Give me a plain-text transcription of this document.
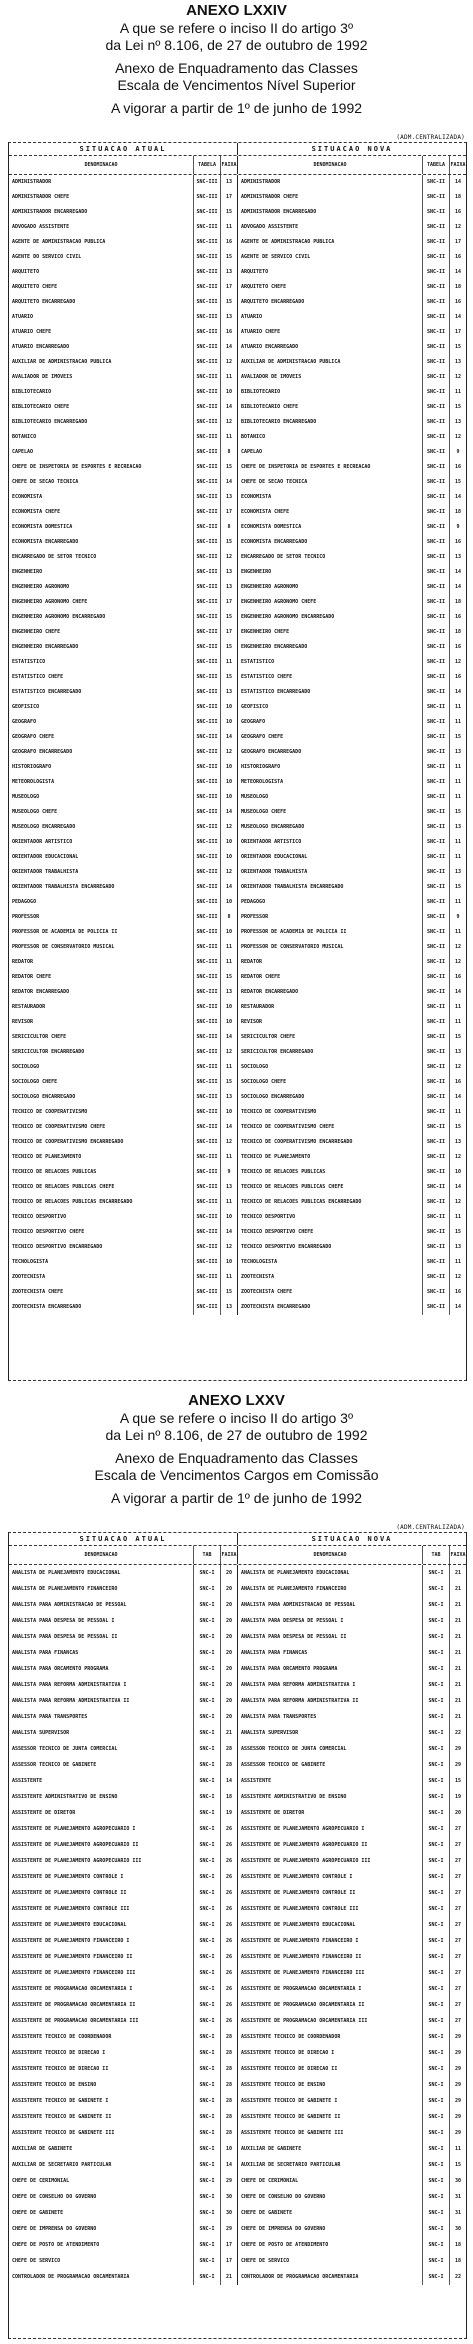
ANEXO LXXIV
A que se refere o inciso II do artigo 3º
da Lei nº 8.106, de 27 de outubro de 1992
Anexo de Enquadramento das Classes
Escala de Vencimentos Nível Superior
A vigorar a partir de 1º de junho de 1992
(ADM.CENTRALIZADA)
SITUACAO ATUAL	SITUACAO NOVA
DENOMINACAO	TABELA	FAIXA	DENOMINACAO	TABELA	FAIXA
ADMINISTRADOR	SNC-III	13	ADMINISTRADOR	SNC-II	14
ADMINISTRADOR CHEFE	SNC-III	17	ADMINISTRADOR CHEFE	SNC-II	18
ADMINISTRADOR ENCARREGADO	SNC-III	15	ADMINISTRADOR ENCARREGADO	SNC-II	16
ADVOGADO ASSISTENTE	SNC-III	11	ADVOGADO ASSISTENTE	SNC-II	12
AGENTE DE ADMINISTRACAO PUBLICA	SNC-III	16	AGENTE DE ADMINISTRACAO PUBLICA	SNC-II	17
AGENTE DO SERVICO CIVIL	SNC-III	15	AGENTE DE SERVICO CIVIL	SNC-II	16
ARQUITETO	SNC-III	13	ARQUITETO	SNC-II	14
ARQUITETO CHEFE	SNC-III	17	ARQUITETO CHEFE	SNC-II	18
ARQUITETO ENCARREGADO	SNC-III	15	ARQUITETO ENCARREGADO	SNC-II	16
ATUARIO	SNC-III	13	ATUARIO	SNC-II	14
ATUARIO CHEFE	SNC-III	16	ATUARIO CHEFE	SNC-II	17
ATUARIO ENCARREGADO	SNC-III	14	ATUARIO ENCARREGADO	SNC-II	15
AUXILIAR DE ADMINISTRACAO PUBLICA	SNC-III	12	AUXILIAR DE ADMINISTRACAO PUBLICA	SNC-II	13
AVALIADOR DE IMOVEIS	SNC-III	11	AVALIADOR DE IMOVEIS	SNC-II	12
BIBLIOTECARIO	SNC-III	10	BIBLIOTECARIO	SNC-II	11
BIBLIOTECARIO CHEFE	SNC-III	14	BIBLIOTECARIO CHEFE	SNC-II	15
BIBLIOTECARIO ENCARREGADO	SNC-III	12	BIBLIOTECARIO ENCARREGADO	SNC-II	13
BOTANICO	SNC-III	11	BOTANICO	SNC-II	12
CAPELAO	SNC-III	8	CAPELAO	SNC-II	9
CHEFE DE INSPETORIA DE ESPORTES E RECREACAO	SNC-III	15	CHEFE DE INSPETORIA DE ESPORTES E RECREACAO	SNC-II	16
CHEFE DE SECAO TECNICA	SNC-III	14	CHEFE DE SECAO TECNICA	SNC-II	15
ECONOMISTA	SNC-III	13	ECONOMISTA	SNC-II	14
ECONOMISTA CHEFE	SNC-III	17	ECONOMISTA CHEFE	SNC-II	18
ECONOMISTA DOMESTICA	SNC-III	8	ECONOMISTA DOMESTICA	SNC-II	9
ECONOMISTA ENCARREGADO	SNC-III	15	ECONOMISTA ENCARREGADO	SNC-II	16
ENCARREGADO DE SETOR TECNICO	SNC-III	12	ENCARREGADO DE SETOR TECNICO	SNC-II	13
ENGENHEIRO	SNC-III	13	ENGENHEIRO	SNC-II	14
ENGENHEIRO AGRONOMO	SNC-III	13	ENGENHEIRO AGRONOMO	SNC-II	14
ENGENHEIRO AGRONOMO CHEFE	SNC-III	17	ENGENHEIRO AGRONOMO CHEFE	SNC-II	18
ENGENHEIRO AGRONOMO ENCARREGADO	SNC-III	15	ENGENHEIRO AGRONOMO ENCARREGADO	SNC-II	16
ENGENHEIRO CHEFE	SNC-III	17	ENGENHEIRO CHEFE	SNC-II	18
ENGENHEIRO ENCARREGADO	SNC-III	15	ENGENHEIRO ENCARREGADO	SNC-II	16
ESTATISTICO	SNC-III	11	ESTATISTICO	SNC-II	12
ESTATISTICO CHEFE	SNC-III	15	ESTATISTICO CHEFE	SNC-II	16
ESTATISTICO ENCARREGADO	SNC-III	13	ESTATISTICO ENCARREGADO	SNC-II	14
GEOFISICO	SNC-III	10	GEOFISICO	SNC-II	11
GEOGRAFO	SNC-III	10	GEOGRAFO	SNC-II	11
GEOGRAFO CHEFE	SNC-III	14	GEOGRAFO CHEFE	SNC-II	15
GEOGRAFO ENCARREGADO	SNC-III	12	GEOGRAFO ENCARREGADO	SNC-II	13
HISTORIOGRAFO	SNC-III	10	HISTORIOGRAFO	SNC-II	11
METEOROLOGISTA	SNC-III	10	METEOROLOGISTA	SNC-II	11
MUSEOLOGO	SNC-III	10	MUSEOLOGO	SNC-II	11
MUSEOLOGO CHEFE	SNC-III	14	MUSEOLOGO CHEFE	SNC-II	15
MUSEOLOGO ENCARREGADO	SNC-III	12	MUSEOLOGO ENCARREGADO	SNC-II	13
ORIENTADOR ARTISTICO	SNC-III	10	ORIENTADOR ARTISTICO	SNC-II	11
ORIENTADOR EDUCACIONAL	SNC-III	10	ORIENTADOR EDUCACIONAL	SNC-II	11
ORIENTADOR TRABALHISTA	SNC-III	12	ORIENTADOR TRABALHISTA	SNC-II	13
ORIENTADOR TRABALHISTA ENCARREGADO	SNC-III	14	ORIENTADOR TRABALHISTA ENCARREGADO	SNC-II	15
PEDAGOGO	SNC-III	10	PEDAGOGO	SNC-II	11
PROFESSOR	SNC-III	8	PROFESSOR	SNC-II	9
PROFESSOR DE ACADEMIA DE POLICIA II	SNC-III	10	PROFESSOR DE ACADEMIA DE POLICIA II	SNC-II	11
PROFESSOR DE CONSERVATORIO MUSICAL	SNC-III	11	PROFESSOR DE CONSERVATORIO MUSICAL	SNC-II	12
REDATOR	SNC-III	11	REDATOR	SNC-II	12
REDATOR CHEFE	SNC-III	15	REDATOR CHEFE	SNC-II	16
REDATOR ENCARREGADO	SNC-III	13	REDATOR ENCARREGADO	SNC-II	14
RESTAURADOR	SNC-III	10	RESTAURADOR	SNC-II	11
REVISOR	SNC-III	10	REVISOR	SNC-II	11
SERICICULTOR CHEFE	SNC-III	14	SERICICULTOR CHEFE	SNC-II	15
SERICICULTOR ENCARREGADO	SNC-III	12	SERICICULTOR ENCARREGADO	SNC-II	13
SOCIOLOGO	SNC-III	11	SOCIOLOGO	SNC-II	12
SOCIOLOGO CHEFE	SNC-III	15	SOCIOLOGO CHEFE	SNC-II	16
SOCIOLOGO ENCARREGADO	SNC-III	13	SOCIOLOGO ENCARREGADO	SNC-II	14
TECNICO DE COOPERATIVISMO	SNC-III	10	TECNICO DE COOPERATIVISMO	SNC-II	11
TECNICO DE COOPERATIVISMO CHEFE	SNC-III	14	TECNICO DE COOPERATIVISMO CHEFE	SNC-II	15
TECNICO DE COOPERATIVISMO ENCARREGADO	SNC-III	12	TECNICO DE COOPERATIVISMO ENCARREGADO	SNC-II	13
TECNICO DE PLANEJAMENTO	SNC-III	11	TECNICO DE PLANEJAMENTO	SNC-II	12
TECNICO DE RELACOES PUBLICAS	SNC-III	9	TECNICO DE RELACOES PUBLICAS	SNC-II	10
TECNICO DE RELACOES PUBLICAS CHEFE	SNC-III	13	TECNICO DE RELACOES PUBLICAS CHEFE	SNC-II	14
TECNICO DE RELACOES PUBLICAS ENCARREGADO	SNC-III	11	TECNICO DE RELACOES PUBLICAS ENCARREGADO	SNC-II	12
TECNICO DESPORTIVO	SNC-III	10	TECNICO DESPORTIVO	SNC-II	11
TECNICO DESPORTIVO CHEFE	SNC-III	14	TECNICO DESPORTIVO CHEFE	SNC-II	15
TECNICO DESPORTIVO ENCARREGADO	SNC-III	12	TECNICO DESPORTIVO ENCARREGADO	SNC-II	13
TECNOLOGISTA	SNC-III	10	TECNOLOGISTA	SNC-II	11
ZOOTECNISTA	SNC-III	11	ZOOTECNISTA	SNC-II	12
ZOOTECNISTA CHEFE	SNC-III	15	ZOOTECNISTA CHEFE	SNC-II	16
ZOOTECNISTA ENCARREGADO	SNC-III	13	ZOOTECNISTA ENCARREGADO	SNC-II	14
ANEXO LXXV
A que se refere o inciso II do artigo 3º
da Lei nº 8.106, de 27 de outubro de 1992
Anexo de Enquadramento das Classes
Escala de Vencimentos Cargos em Comissão
A vigorar a partir de 1º de junho de 1992
(ADM.CENTRALIZADA)
SITUACAO ATUAL	SITUACAO NOVA
DENOMINACAO	TAB	FAIXA	DENOMINACAO	TAB	FAIXA
ANALISTA DE PLANEJAMENTO EDUCACIONAL	SNC-I	20	ANALISTA DE PLANEJAMENTO EDUCACIONAL	SNC-I	21
ANALISTA DE PLANEJAMENTO FINANCEIRO	SNC-I	20	ANALISTA DE PLANEJAMENTO FINANCEIRO	SNC-I	21
ANALISTA PARA ADMINISTRACAO DE PESSOAL	SNC-I	20	ANALISTA PARA ADMINISTRACAO DE PESSOAL	SNC-I	21
ANALISTA PARA DESPESA DE PESSOAL I	SNC-I	20	ANALISTA PARA DESPESA DE PESSOAL I	SNC-I	21
ANALISTA PARA DESPESA DE PESSOAL II	SNC-I	20	ANALISTA PARA DESPESA DE PESSOAL II	SNC-I	21
ANALISTA PARA FINANCAS	SNC-I	20	ANALISTA PARA FINANCAS	SNC-I	21
ANALISTA PARA ORCAMENTO PROGRAMA	SNC-I	20	ANALISTA PARA ORCAMENTO PROGRAMA	SNC-I	21
ANALISTA PARA REFORMA ADMINISTRATIVA I	SNC-I	20	ANALISTA PARA REFORMA ADMINISTRATIVA I	SNC-I	21
ANALISTA PARA REFORMA ADMINISTRATIVA II	SNC-I	20	ANALISTA PARA REFORMA ADMINISTRATIVA II	SNC-I	21
ANALISTA PARA TRANSPORTES	SNC-I	20	ANALISTA PARA TRANSPORTES	SNC-I	21
ANALISTA SUPERVISOR	SNC-I	21	ANALISTA SUPERVISOR	SNC-I	22
ASSESSOR TECNICO DE JUNTA COMERCIAL	SNC-I	28	ASSESSOR TECNICO DE JUNTA COMERCIAL	SNC-I	29
ASSESSOR TECNICO DE GABINETE	SNC-I	28	ASSESSOR TECNICO DE GABINETE	SNC-I	29
ASSISTENTE	SNC-I	14	ASSISTENTE	SNC-I	15
ASSISTENTE ADMINISTRATIVO DE ENSINO	SNC-I	18	ASSISTENTE ADMINISTRATIVO DE ENSINO	SNC-I	19
ASSISTENTE DE DIRETOR	SNC-I	19	ASSISTENTE DE DIRETOR	SNC-I	20
ASSISTENTE DE PLANEJAMENTO AGROPECUARIO I	SNC-I	26	ASSISTENTE DE PLANEJAMENTO AGROPECUARIO I	SNC-I	27
ASSISTENTE DE PLANEJAMENTO AGROPECUARIO II	SNC-I	26	ASSISTENTE DE PLANEJAMENTO AGROPECUARIO II	SNC-I	27
ASSISTENTE DE PLANEJAMENTO AGROPECUARIO III	SNC-I	26	ASSISTENTE DE PLANEJAMENTO AGROPECUARIO III	SNC-I	27
ASSISTENTE DE PLANEJAMENTO CONTROLE I	SNC-I	26	ASSISTENTE DE PLANEJAMENTO CONTROLE I	SNC-I	27
ASSISTENTE DE PLANEJAMENTO CONTROLE II	SNC-I	26	ASSISTENTE DE PLANEJAMENTO CONTROLE II	SNC-I	27
ASSISTENTE DE PLANEJAMENTO CONTROLE III	SNC-I	26	ASSISTENTE DE PLANEJAMENTO CONTROLE III	SNC-I	27
ASSISTENTE DE PLANEJAMENTO EDUCACIONAL	SNC-I	26	ASSISTENTE DE PLANEJAMENTO EDUCACIONAL	SNC-I	27
ASSISTENTE DE PLANEJAMENTO FINANCEIRO I	SNC-I	26	ASSISTENTE DE PLANEJAMENTO FINANCEIRO I	SNC-I	27
ASSISTENTE DE PLANEJAMENTO FINANCEIRO II	SNC-I	26	ASSISTENTE DE PLANEJAMENTO FINANCEIRO II	SNC-I	27
ASSISTENTE DE PLANEJAMENTO FINANCEIRO III	SNC-I	26	ASSISTENTE DE PLANEJAMENTO FINANCEIRO III	SNC-I	27
ASSISTENTE DE PROGRAMACAO ORCAMENTARIA I	SNC-I	26	ASSISTENTE DE PROGRAMACAO ORCAMENTARIA I	SNC-I	27
ASSISTENTE DE PROGRAMACAO ORCAMENTARIA II	SNC-I	26	ASSISTENTE DE PROGRAMACAO ORCAMENTARIA II	SNC-I	27
ASSISTENTE DE PROGRAMACAO ORCAMENTARIA III	SNC-I	26	ASSISTENTE DE PROGRAMACAO ORCAMENTARIA III	SNC-I	27
ASSISTENTE TECNICO DE COORDENADOR	SNC-I	28	ASSISTENTE TECNICO DE COORDENADOR	SNC-I	29
ASSISTENTE TECNICO DE DIRECAO I	SNC-I	28	ASSISTENTE TECNICO DE DIRECAO I	SNC-I	29
ASSISTENTE TECNICO DE DIRECAO II	SNC-I	28	ASSISTENTE TECNICO DE DIRECAO II	SNC-I	29
ASSISTENTE TECNICO DE ENSINO	SNC-I	28	ASSISTENTE TECNICO DE ENSINO	SNC-I	29
ASSISTENTE TECNICO DE GABINETE I	SNC-I	28	ASSISTENTE TECNICO DE GABINETE I	SNC-I	29
ASSISTENTE TECNICO DE GABINETE II	SNC-I	28	ASSISTENTE TECNICO DE GABINETE II	SNC-I	29
ASSISTENTE TECNICO DE GABINETE III	SNC-I	28	ASSISTENTE TECNICO DE GABINETE III	SNC-I	29
AUXILIAR DE GABINETE	SNC-I	10	AUXILIAR DE GABINETE	SNC-I	11
AUXILIAR DE SECRETARIO PARTICULAR	SNC-I	14	AUXILIAR DE SECRETARIO PARTICULAR	SNC-I	15
CHEFE DE CERIMONIAL	SNC-I	29	CHEFE DE CERIMONIAL	SNC-I	30
CHEFE DE CONSELHO DO GOVERNO	SNC-I	30	CHEFE DE CONSELHO DO GOVERNO	SNC-I	31
CHEFE DE GABINETE	SNC-I	30	CHEFE DE GABINETE	SNC-I	31
CHEFE DE IMPRENSA DO GOVERNO	SNC-I	29	CHEFE DE IMPRENSA DO GOVERNO	SNC-I	30
CHEFE DE POSTO DE ATENDIMENTO	SNC-I	17	CHEFE DE POSTO DE ATENDIMENTO	SNC-I	18
CHEFE DE SERVICO	SNC-I	17	CHEFE DE SERVICO	SNC-I	18
CONTROLADOR DE PROGRAMACAO ORCAMENTARIA	SNC-I	21	CONTROLADOR DE PROGRAMACAO ORCAMENTARIA	SNC-I	22
